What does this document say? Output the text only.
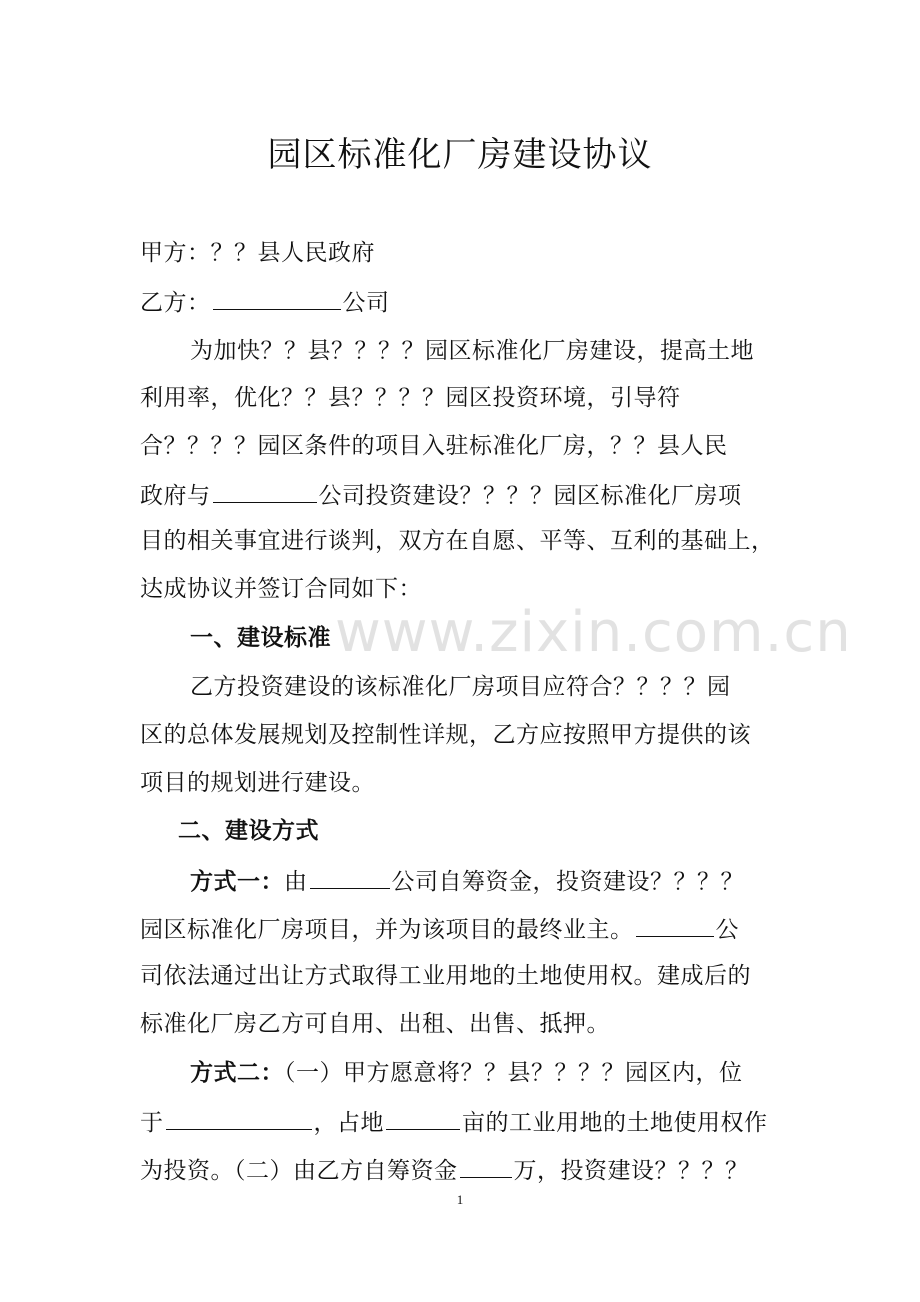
园区标准化厂房建设协议
甲方：？？县人民政府
乙方：	公司
为加快？？县？？？？园区标准化厂房建设，提高土地
利用率，优化？？县？？？？园区投资环境，引导符
合？？？？园区条件的项目入驻标准化厂房，？？县人民
政府与	公司投资建设？？？？园区标准化厂房项
目的相关事宜进行谈判，双方在自愿、平等、互利的基础上，
达成协议并签订合同如下：
一、建设标准
乙方投资建设的该标准化厂房项目应符合？？？？园
区的总体发展规划及控制性详规，乙方应按照甲方提供的该
项目的规划进行建设。
二、建设方式
方式一：由	公司自筹资金，投资建设？？？？
园区标准化厂房项目，并为该项目的最终业主。	公
司依法通过出让方式取得工业用地的土地使用权。建成后的
标准化厂房乙方可自用、出租、出售、抵押。
方式二：（一）甲方愿意将？？县？？？？园区内，位
于	，占地	亩的工业用地的土地使用权作
为投资。（二）由乙方自筹资金 万，投资建设？？？？
www.zixin.com.cn
1
